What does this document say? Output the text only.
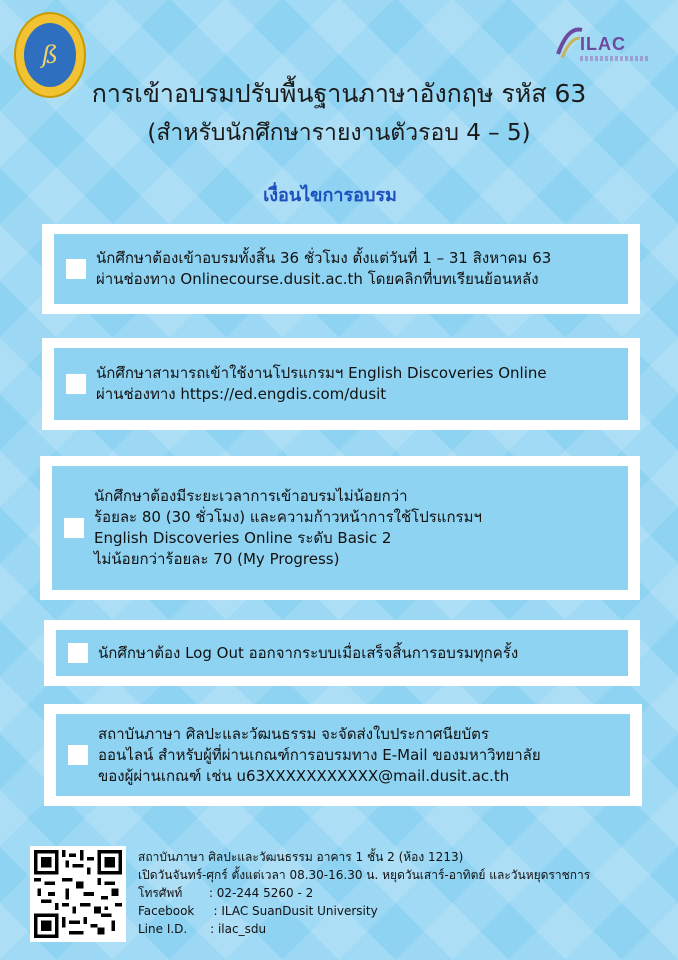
ß	ILAC
การเข้าอบรมปรับพื้นฐานภาษาอังกฤษ รหัส 63
(สำหรับนักศึกษารายงานตัวรอบ 4 – 5)
เงื่อนไขการอบรม
นักศึกษาต้องเข้าอบรมทั้งสิ้น 36 ชั่วโมง ตั้งแต่วันที่ 1 – 31 สิงหาคม 63
ผ่านช่องทาง Onlinecourse.dusit.ac.th โดยคลิกที่บทเรียนย้อนหลัง
นักศึกษาสามารถเข้าใช้งานโปรแกรมฯ English Discoveries Online
ผ่านช่องทาง https://ed.engdis.com/dusit
นักศึกษาต้องมีระยะเวลาการเข้าอบรมไม่น้อยกว่า
ร้อยละ 80 (30 ชั่วโมง) และความก้าวหน้าการใช้โปรแกรมฯ
English Discoveries Online ระดับ Basic 2
ไม่น้อยกว่าร้อยละ 70 (My Progress)
นักศึกษาต้อง Log Out ออกจากระบบเมื่อเสร็จสิ้นการอบรมทุกครั้ง
สถาบันภาษา ศิลปะและวัฒนธรรม จะจัดส่งใบประกาศนียบัตร
ออนไลน์ สำหรับผู้ที่ผ่านเกณฑ์การอบรมทาง E-Mail ของมหาวิทยาลัย
ของผู้ผ่านเกณฑ์ เช่น u63XXXXXXXXXXX@mail.dusit.ac.th
สถาบันภาษา ศิลปะและวัฒนธรรม อาคาร 1 ชั้น 2 (ห้อง 1213)
เปิดวันจันทร์-ศุกร์ ตั้งแต่เวลา 08.30-16.30 น. หยุดวันเสาร์-อาทิตย์ และวันหยุดราชการ
โทรศัพท์       : 02-244 5260 - 2
Facebook     : ILAC SuanDusit University
Line I.D.      : ilac_sdu
